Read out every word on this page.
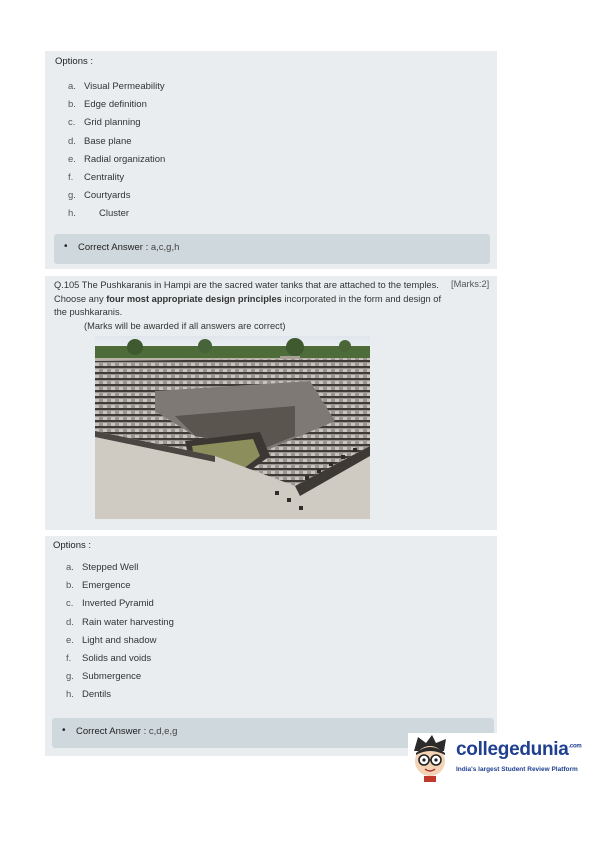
Options :
a. Visual Permeability
b. Edge definition
c. Grid planning
d. Base plane
e. Radial organization
f. Centrality
g. Courtyards
h. Cluster
• Correct Answer : a,c,g,h
Q.105 The Pushkaranis in Hampi are the sacred water tanks that are attached to the temples. Choose any four most appropriate design principles incorporated in the form and design of the pushkaranis.
[Marks:2]
(Marks will be awarded if all answers are correct)
Options :
a. Stepped Well
b. Emergence
c. Inverted Pyramid
d. Rain water harvesting
e. Light and shadow
f. Solids and voids
g. Submergence
h. Dentils
• Correct Answer : c,d,e,g
collegedunia$^{.com}$
India's largest Student Review Platform
